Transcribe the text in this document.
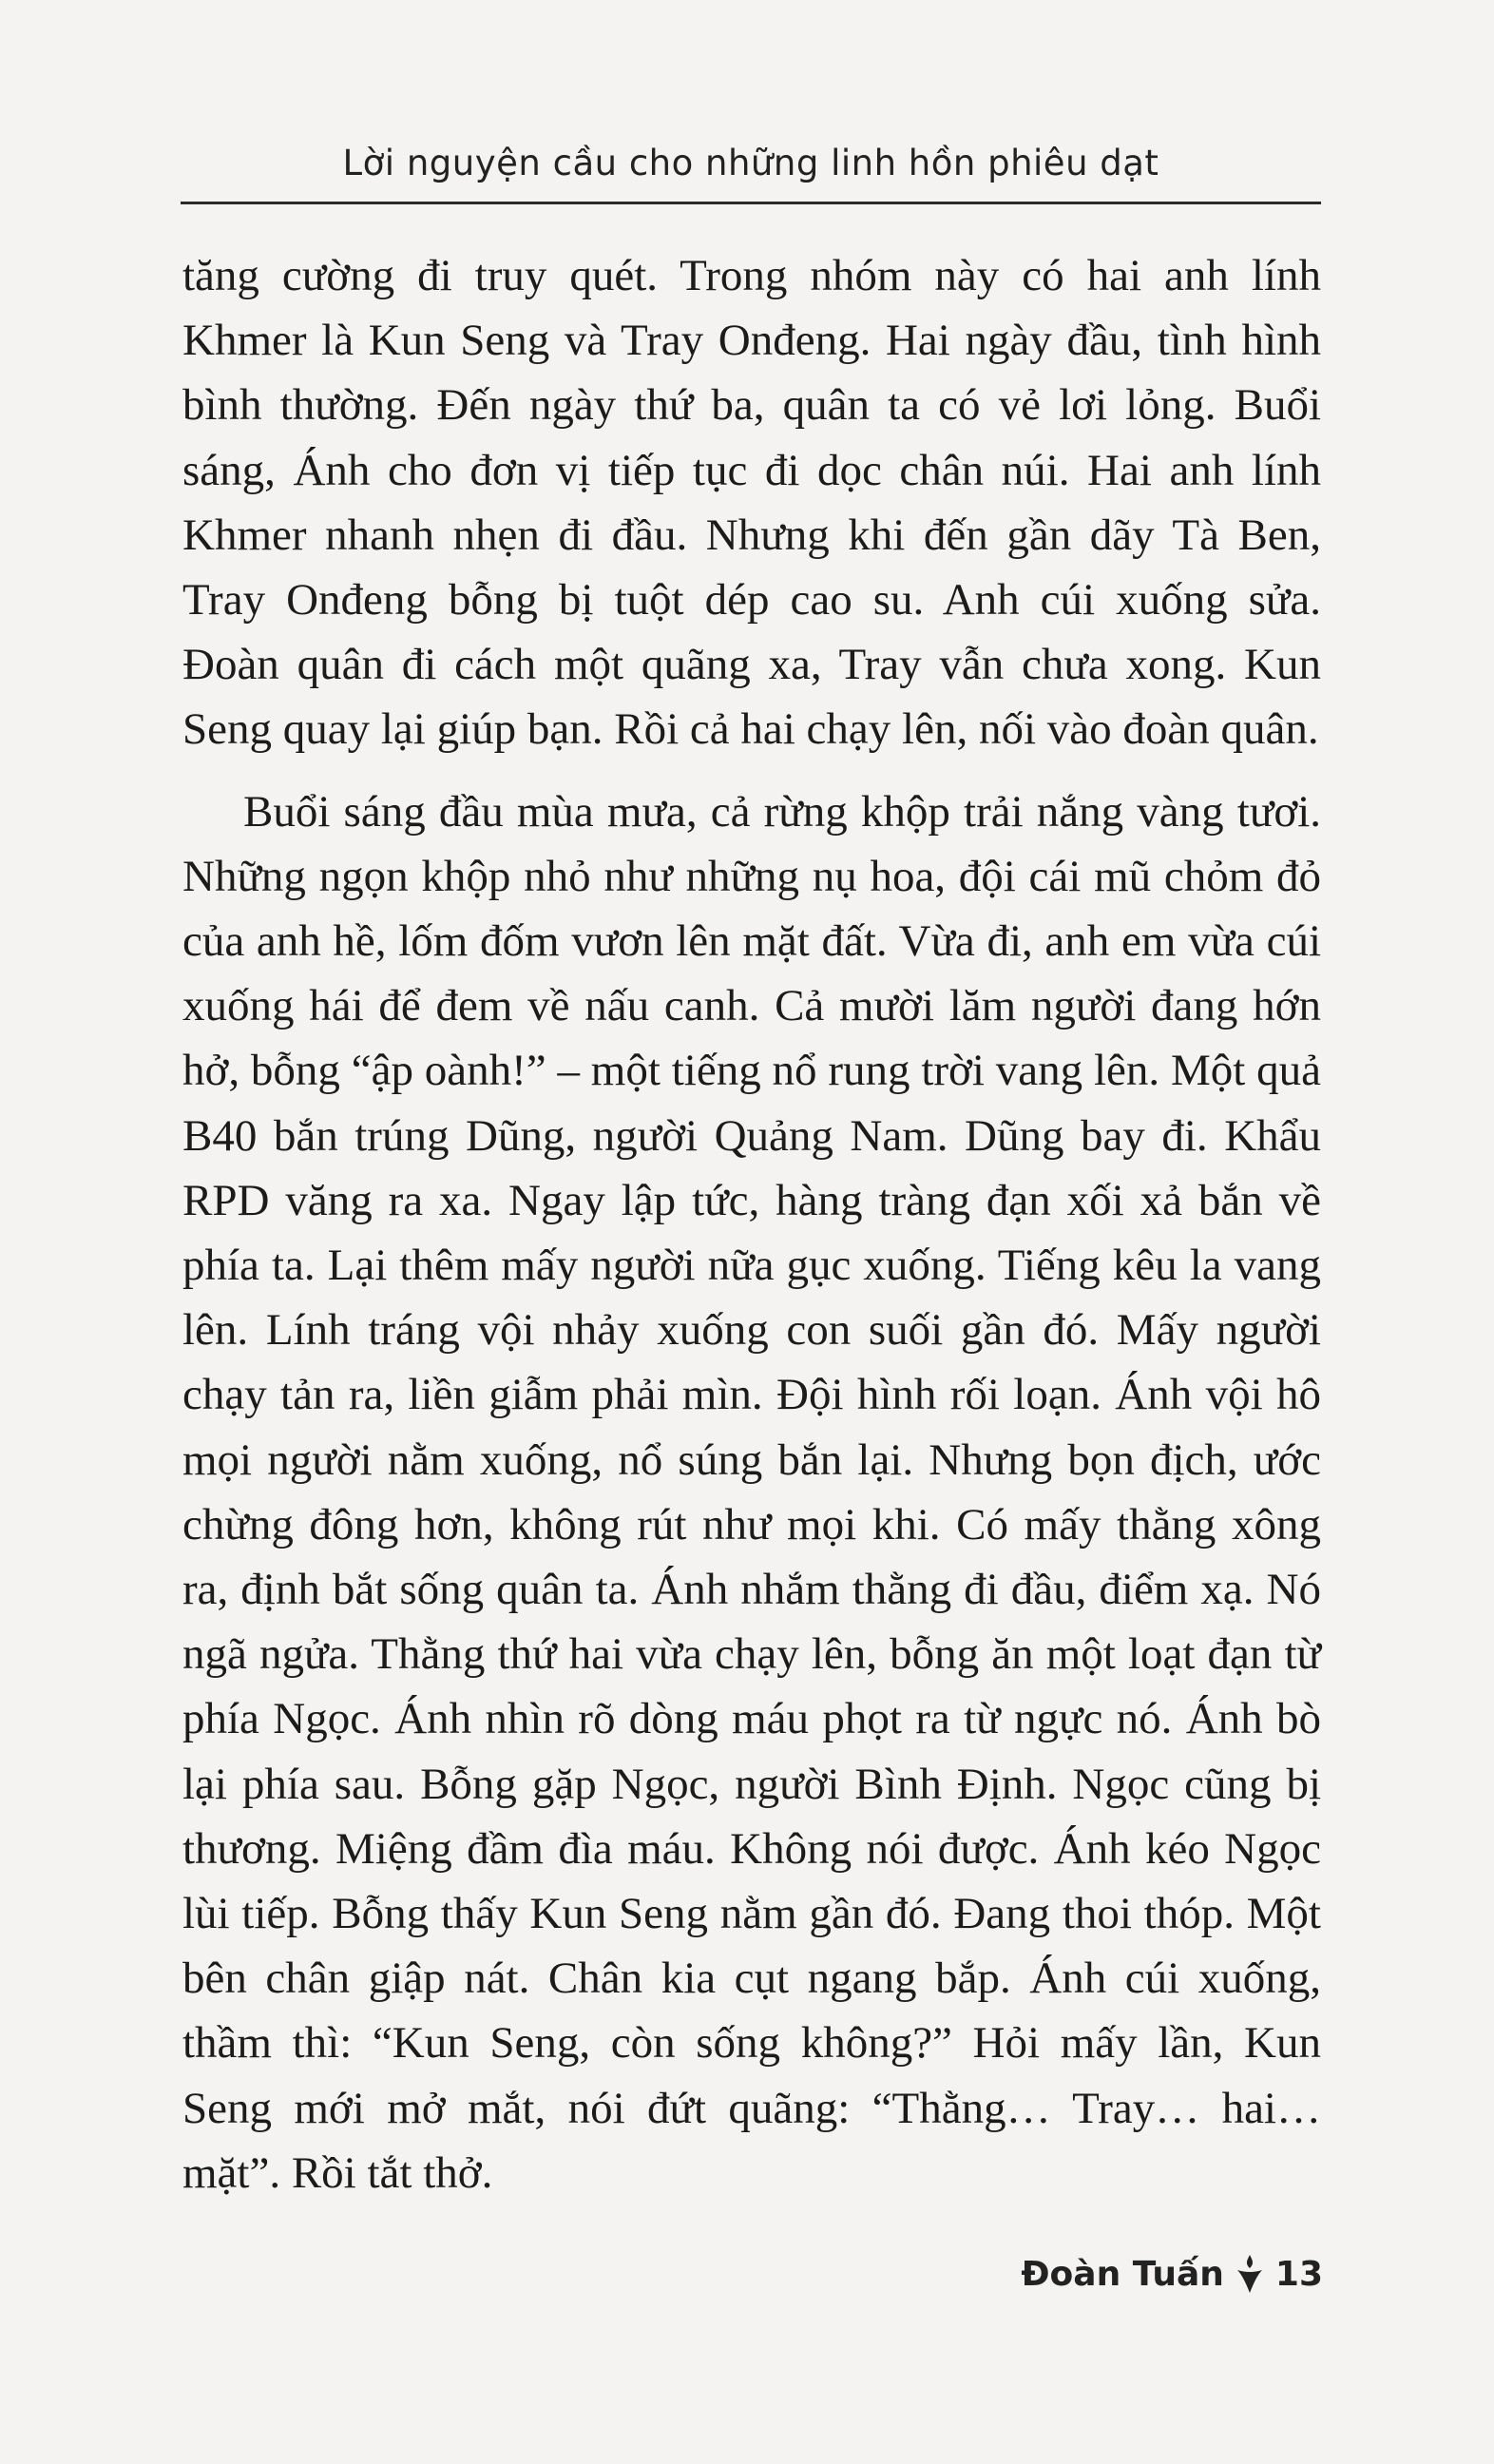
Lời nguyện cầu cho những linh hồn phiêu dạt

tăng cường đi truy quét. Trong nhóm này có hai anh lính Khmer là Kun Seng và Tray Onđeng. Hai ngày đầu, tình hình bình thường. Đến ngày thứ ba, quân ta có vẻ lơi lỏng. Buổi sáng, Ánh cho đơn vị tiếp tục đi dọc chân núi. Hai anh lính Khmer nhanh nhẹn đi đầu. Nhưng khi đến gần dãy Tà Ben, Tray Onđeng bỗng bị tuột dép cao su. Anh cúi xuống sửa. Đoàn quân đi cách một quãng xa, Tray vẫn chưa xong. Kun Seng quay lại giúp bạn. Rồi cả hai chạy lên, nối vào đoàn quân.

Buổi sáng đầu mùa mưa, cả rừng khộp trải nắng vàng tươi. Những ngọn khộp nhỏ như những nụ hoa, đội cái mũ chỏm đỏ của anh hề, lốm đốm vươn lên mặt đất. Vừa đi, anh em vừa cúi xuống hái để đem về nấu canh. Cả mười lăm người đang hớn hở, bỗng “ập oành!” – một tiếng nổ rung trời vang lên. Một quả B40 bắn trúng Dũng, người Quảng Nam. Dũng bay đi. Khẩu RPD văng ra xa. Ngay lập tức, hàng tràng đạn xối xả bắn về phía ta. Lại thêm mấy người nữa gục xuống. Tiếng kêu la vang lên. Lính tráng vội nhảy xuống con suối gần đó. Mấy người chạy tản ra, liền giẫm phải mìn. Đội hình rối loạn. Ánh vội hô mọi người nằm xuống, nổ súng bắn lại. Nhưng bọn địch, ước chừng đông hơn, không rút như mọi khi. Có mấy thằng xông ra, định bắt sống quân ta. Ánh nhắm thằng đi đầu, điểm xạ. Nó ngã ngửa. Thằng thứ hai vừa chạy lên, bỗng ăn một loạt đạn từ phía Ngọc. Ánh nhìn rõ dòng máu phọt ra từ ngực nó. Ánh bò lại phía sau. Bỗng gặp Ngọc, người Bình Định. Ngọc cũng bị thương. Miệng đầm đìa máu. Không nói được. Ánh kéo Ngọc lùi tiếp. Bỗng thấy Kun Seng nằm gần đó. Đang thoi thóp. Một bên chân giập nát. Chân kia cụt ngang bắp. Ánh cúi xuống, thầm thì: “Kun Seng, còn sống không?” Hỏi mấy lần, Kun Seng mới mở mắt, nói đứt quãng: “Thằng… Tray… hai… mặt”. Rồi tắt thở.

Đoàn Tuấn 13
